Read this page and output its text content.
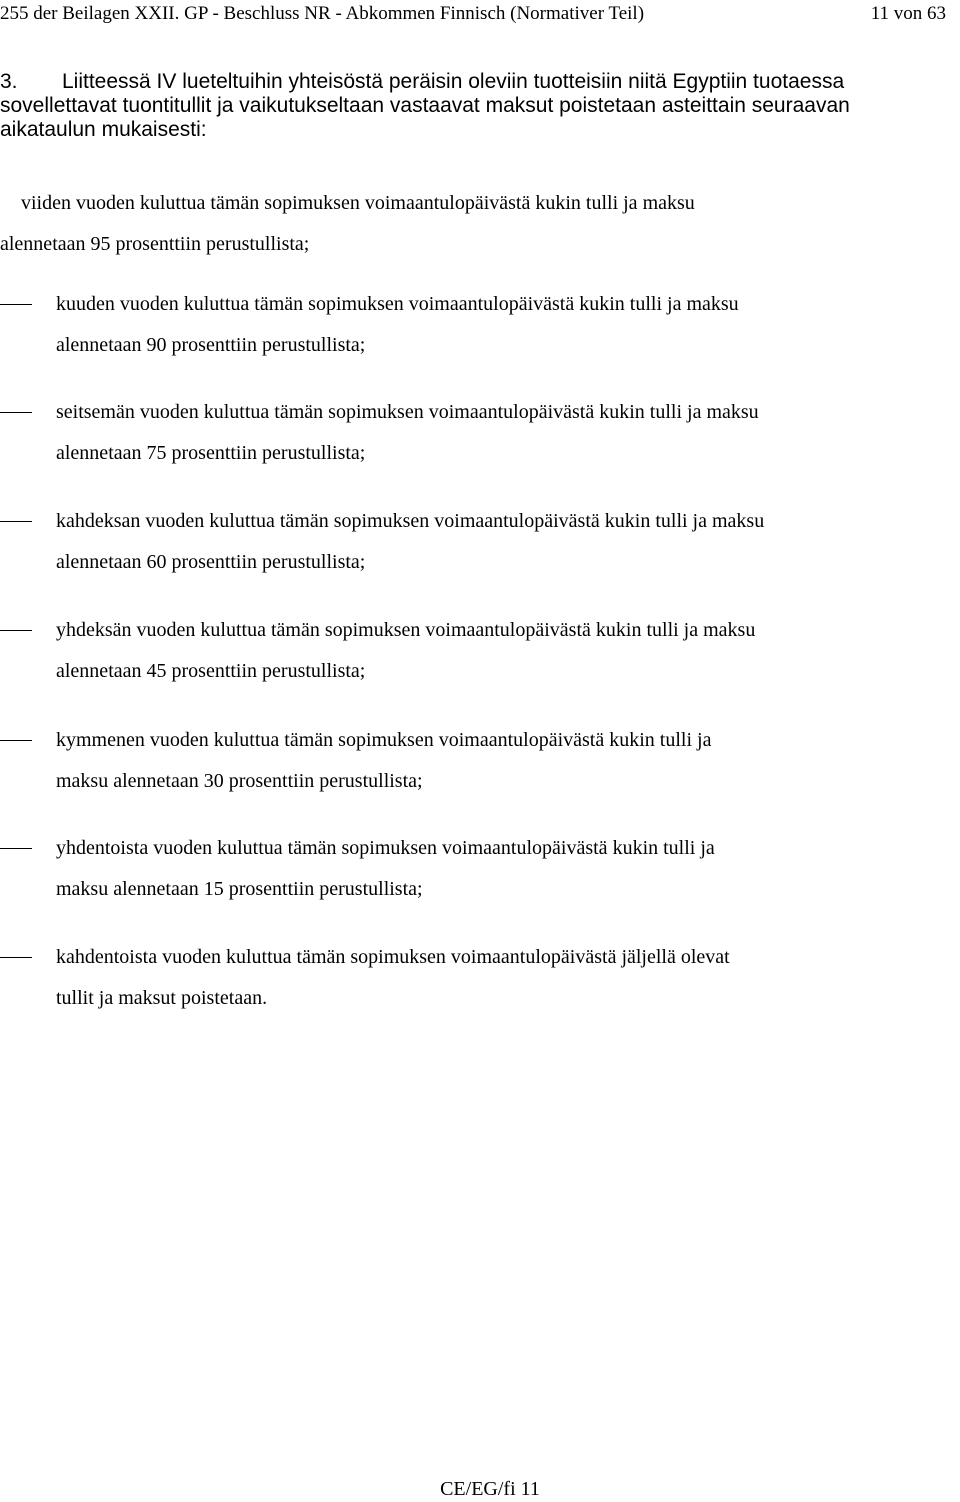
255 der Beilagen XXII. GP - Beschluss NR - Abkommen Finnisch (Normativer Teil)	11 von 63
3. Liitteessä IV lueteltuihin yhteisöstä peräisin oleviin tuotteisiin niitä Egyptiin tuotaessa sovellettavat tuontitullit ja vaikutukseltaan vastaavat maksut poistetaan asteittain seuraavan aikataulun mukaisesti:
viiden vuoden kuluttua tämän sopimuksen voimaantulopäivästä kukin tulli ja maksu
alennetaan 95 prosenttiin perustullista;
kuuden vuoden kuluttua tämän sopimuksen voimaantulopäivästä kukin tulli ja maksu
alennetaan 90 prosenttiin perustullista;
seitsemän vuoden kuluttua tämän sopimuksen voimaantulopäivästä kukin tulli ja maksu
alennetaan 75 prosenttiin perustullista;
kahdeksan vuoden kuluttua tämän sopimuksen voimaantulopäivästä kukin tulli ja maksu
alennetaan 60 prosenttiin perustullista;
yhdeksän vuoden kuluttua tämän sopimuksen voimaantulopäivästä kukin tulli ja maksu
alennetaan 45 prosenttiin perustullista;
kymmenen vuoden kuluttua tämän sopimuksen voimaantulopäivästä kukin tulli ja
maksu alennetaan 30 prosenttiin perustullista;
yhdentoista vuoden kuluttua tämän sopimuksen voimaantulopäivästä kukin tulli ja
maksu alennetaan 15 prosenttiin perustullista;
kahdentoista vuoden kuluttua tämän sopimuksen voimaantulopäivästä jäljellä olevat
tullit ja maksut poistetaan.
CE/EG/fi 11
